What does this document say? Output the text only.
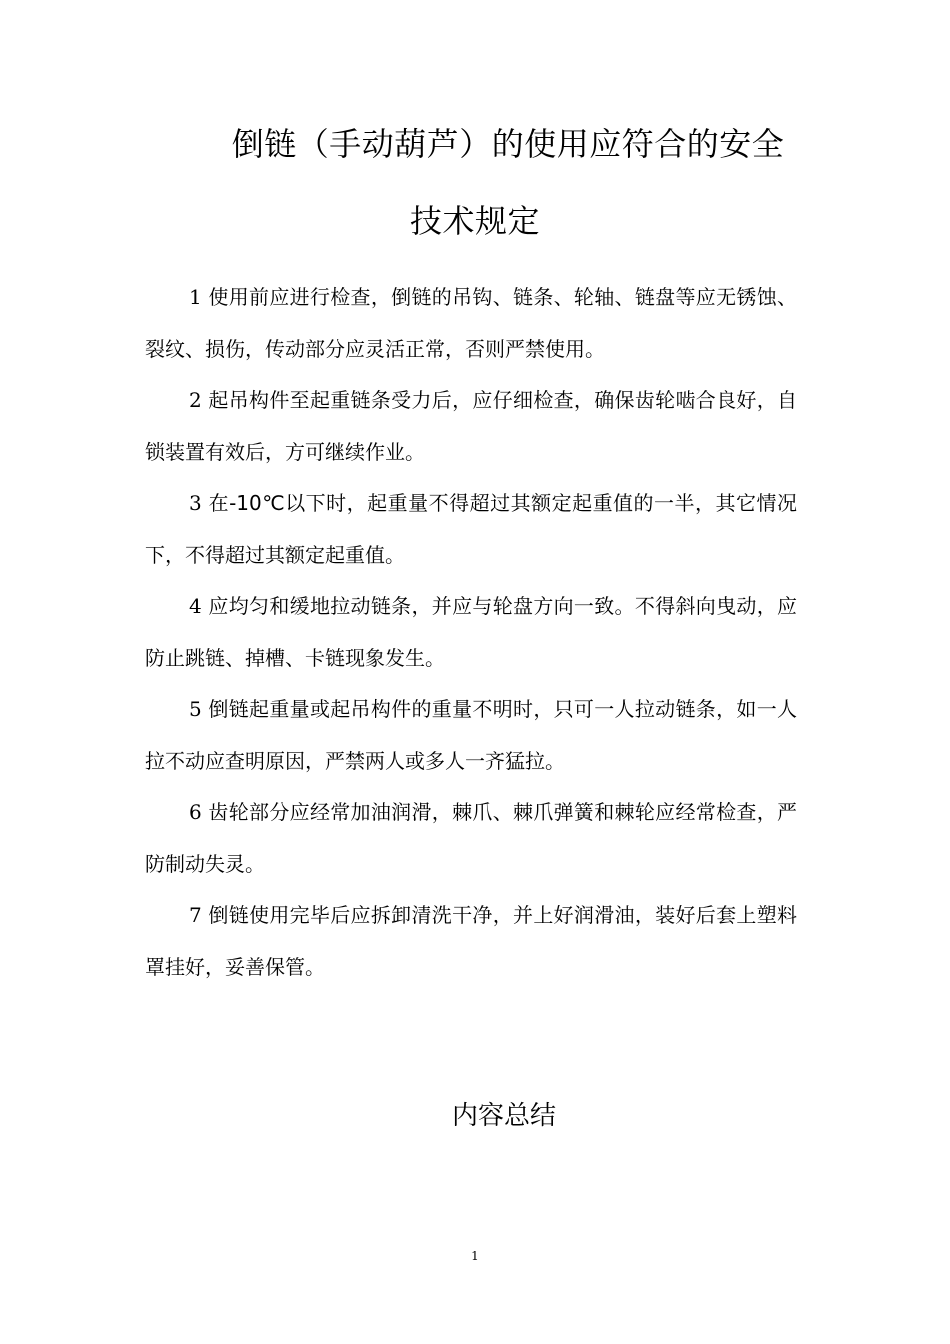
倒链（手动葫芦）的使用应符合的安全
技术规定

1 使用前应进行检查，倒链的吊钩、链条、轮轴、链盘等应无锈蚀、裂纹、损伤，传动部分应灵活正常，否则严禁使用。

2 起吊构件至起重链条受力后，应仔细检查，确保齿轮啮合良好，自锁装置有效后，方可继续作业。

3 在-10℃以下时，起重量不得超过其额定起重值的一半，其它情况下，不得超过其额定起重值。

4 应均匀和缓地拉动链条，并应与轮盘方向一致。不得斜向曳动，应防止跳链、掉槽、卡链现象发生。

5 倒链起重量或起吊构件的重量不明时，只可一人拉动链条，如一人拉不动应查明原因，严禁两人或多人一齐猛拉。

6 齿轮部分应经常加油润滑，棘爪、棘爪弹簧和棘轮应经常检查，严防制动失灵。

7 倒链使用完毕后应拆卸清洗干净，并上好润滑油，装好后套上塑料罩挂好，妥善保管。

内容总结
1
